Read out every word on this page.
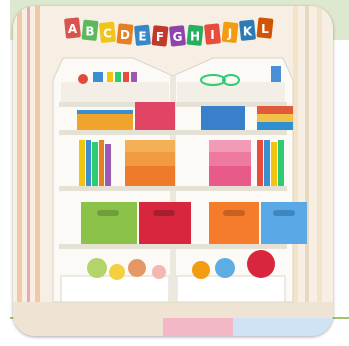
A B C D E F G H I J K L
